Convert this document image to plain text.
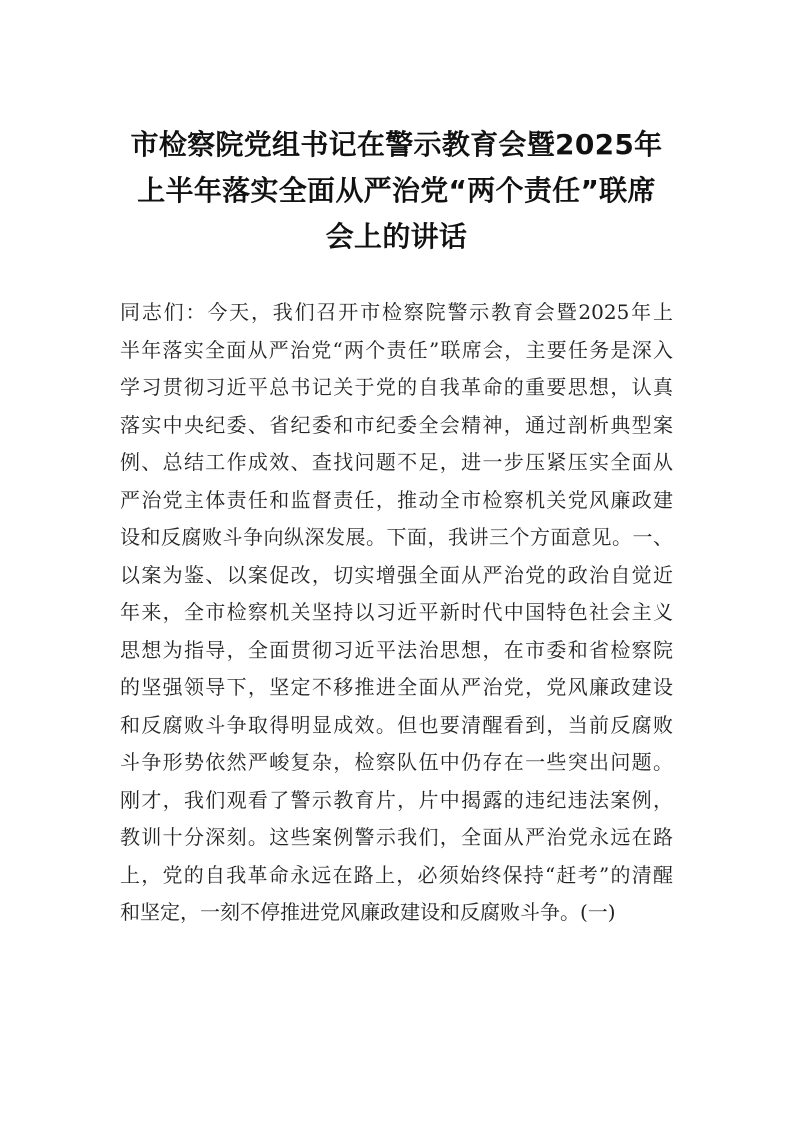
市检察院党组书记在警示教育会暨2025年
上半年落实全面从严治党“两个责任”联席
会上的讲话
同志们：今天，我们召开市检察院警示教育会暨2025年上
半年落实全面从严治党“两个责任”联席会，主要任务是深入
学习贯彻习近平总书记关于党的自我革命的重要思想，认真
落实中央纪委、省纪委和市纪委全会精神，通过剖析典型案
例、总结工作成效、查找问题不足，进一步压紧压实全面从
严治党主体责任和监督责任，推动全市检察机关党风廉政建
设和反腐败斗争向纵深发展。下面，我讲三个方面意见。一、
以案为鉴、以案促改，切实增强全面从严治党的政治自觉近
年来，全市检察机关坚持以习近平新时代中国特色社会主义
思想为指导，全面贯彻习近平法治思想，在市委和省检察院
的坚强领导下，坚定不移推进全面从严治党，党风廉政建设
和反腐败斗争取得明显成效。但也要清醒看到，当前反腐败
斗争形势依然严峻复杂，检察队伍中仍存在一些突出问题。
刚才，我们观看了警示教育片，片中揭露的违纪违法案例，
教训十分深刻。这些案例警示我们，全面从严治党永远在路
上，党的自我革命永远在路上，必须始终保持“赶考”的清醒
和坚定，一刻不停推进党风廉政建设和反腐败斗争。(一)
